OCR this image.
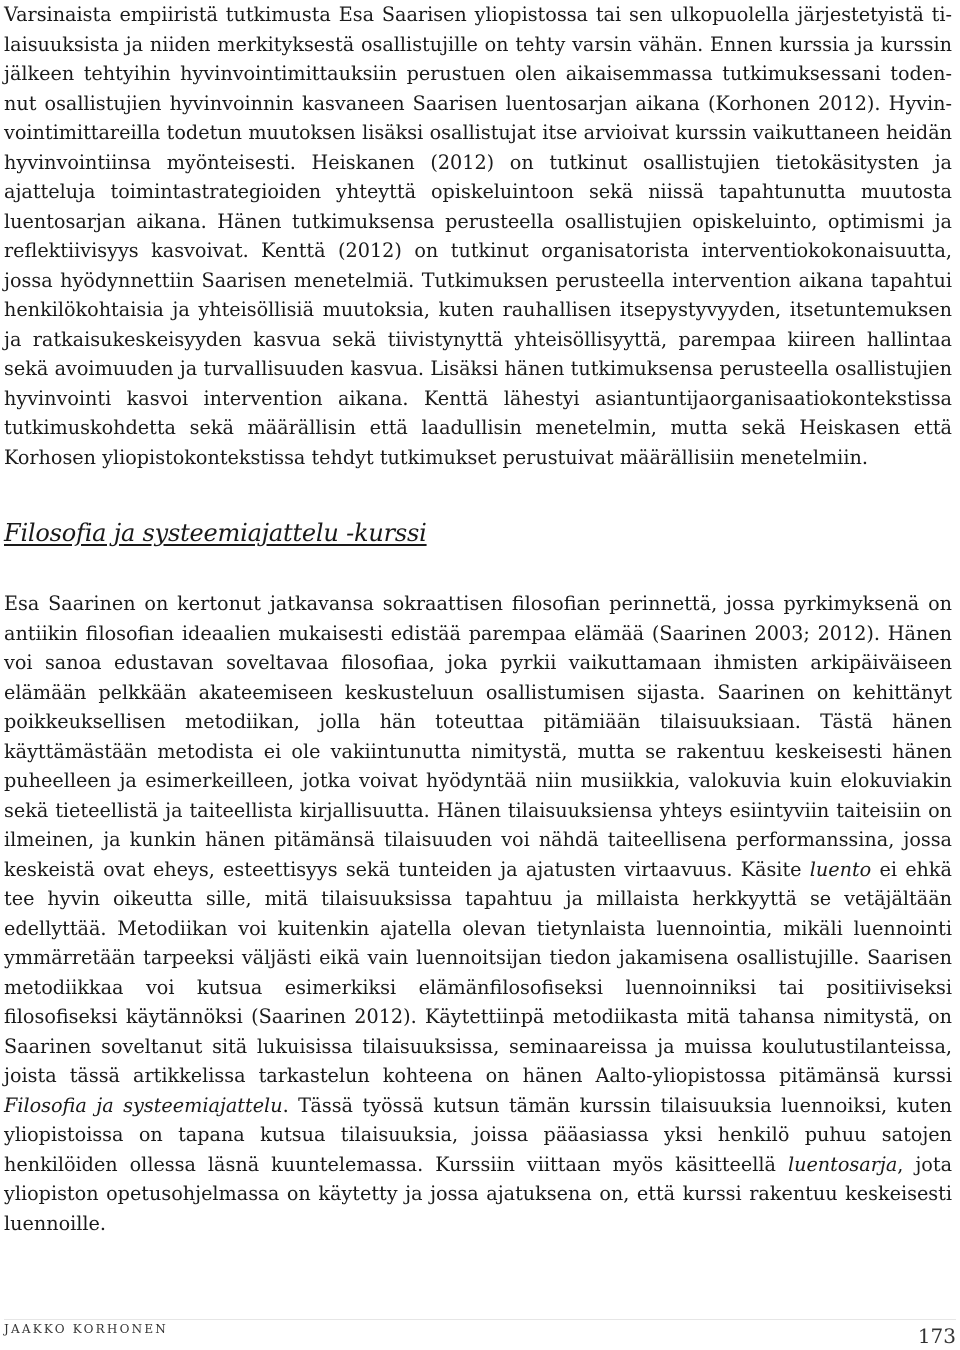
Varsinaista empiiristä tutkimusta Esa Saarisen yliopistossa tai sen ulkopuolella järjestetyistä tilaisuuksista ja niiden merkityksestä osallistujille on tehty varsin vähän. Ennen kurssia ja kurssin jälkeen tehtyihin hyvinvointimittauksiin perustuen olen aikaisemmassa tutkimuksessani todennut osallistujien hyvinvoinnin kasvaneen Saarisen luentosarjan aikana (Korhonen 2012). Hyvinvointimittareilla todetun muutoksen lisäksi osallistujat itse arvioivat kurssin vaikuttaneen heidän hyvinvointiinsa myönteisesti. Heiskanen (2012) on tutkinut osallistujien tietokäsitysten ja ajatteluja toimintastrategioiden yhteyttä opiskeluintoon sekä niissä tapahtunutta muutosta luentosarjan aikana. Hänen tutkimuksensa perusteella osallistujien opiskeluinto, optimismi ja reflektiivisyys kasvoivat. Kenttä (2012) on tutkinut organisatorista interventiokokonaisuutta, jossa hyödynnettiin Saarisen menetelmiä. Tutkimuksen perusteella intervention aikana tapahtui henkilökohtaisia ja yhteisöllisiä muutoksia, kuten rauhallisen itsepystyvyyden, itsetuntemuksen ja ratkaisukeskeisyyden kasvua sekä tiivistynyttä yhteisöllisyyttä, parempaa kiireen hallintaa sekä avoimuuden ja turvallisuuden kasvua. Lisäksi hänen tutkimuksensa perusteella osallistujien hyvinvointi kasvoi intervention aikana. Kenttä lähestyi asiantuntijaorganisaatiokontekstissa tutkimuskohdetta sekä määrällisin että laadullisin menetelmin, mutta sekä Heiskasen että Korhosen yliopistokontekstissa tehdyt tutkimukset perustuivat määrällisiin menetelmiin.

Filosofia ja systeemiajattelu -kurssi

Esa Saarinen on kertonut jatkavansa sokraattisen filosofian perinnettä, jossa pyrkimyksenä on antiikin filosofian ideaalien mukaisesti edistää parempaa elämää (Saarinen 2003; 2012). Hänen voi sanoa edustavan soveltavaa filosofiaa, joka pyrkii vaikuttamaan ihmisten arkipäiväiseen elämään pelkkään akateemiseen keskusteluun osallistumisen sijasta. Saarinen on kehittänyt poikkeuksellisen metodiikan, jolla hän toteuttaa pitämiään tilaisuuksiaan. Tästä hänen käyttämästään metodista ei ole vakiintunutta nimitystä, mutta se rakentuu keskeisesti hänen puheelleen ja esimerkeilleen, jotka voivat hyödyntää niin musiikkia, valokuvia kuin elokuviakin sekä tieteellistä ja taiteellista kirjallisuutta. Hänen tilaisuuksiensa yhteys esiintyviin taiteisiin on ilmeinen, ja kunkin hänen pitämänsä tilaisuuden voi nähdä taiteellisena performanssina, jossa keskeistä ovat eheys, esteettisyys sekä tunteiden ja ajatusten virtaavuus. Käsite luento ei ehkä tee hyvin oikeutta sille, mitä tilaisuuksissa tapahtuu ja millaista herkkyyttä se vetäjältään edellyttää. Metodiikan voi kuitenkin ajatella olevan tietynlaista luennointia, mikäli luennointi ymmärretään tarpeeksi väljästi eikä vain luennoitsijan tiedon jakamisena osallistujille. Saarisen metodiikkaa voi kutsua esimerkiksi elämänfilosofiseksi luennoinniksi tai positiiviseksi filosofiseksi käytännöksi (Saarinen 2012). Käytettiinpä metodiikasta mitä tahansa nimitystä, on Saarinen soveltanut sitä lukuisissa tilaisuuksissa, seminaareissa ja muissa koulutustilanteissa, joista tässä artikkelissa tarkastelun kohteena on hänen Aalto-yliopistossa pitämänsä kurssi Filosofia ja systeemiajattelu. Tässä työssä kutsun tämän kurssin tilaisuuksia luennoiksi, kuten yliopistoissa on tapana kutsua tilaisuuksia, joissa pääasiassa yksi henkilö puhuu satojen henkilöiden ollessa läsnä kuuntelemassa. Kurssiin viittaan myös käsitteellä luentosarja, jota yliopiston opetusohjelmassa on käytetty ja jossa ajatuksena on, että kurssi rakentuu keskeisesti luennoille.

JAAKKO KORHONEN	173
